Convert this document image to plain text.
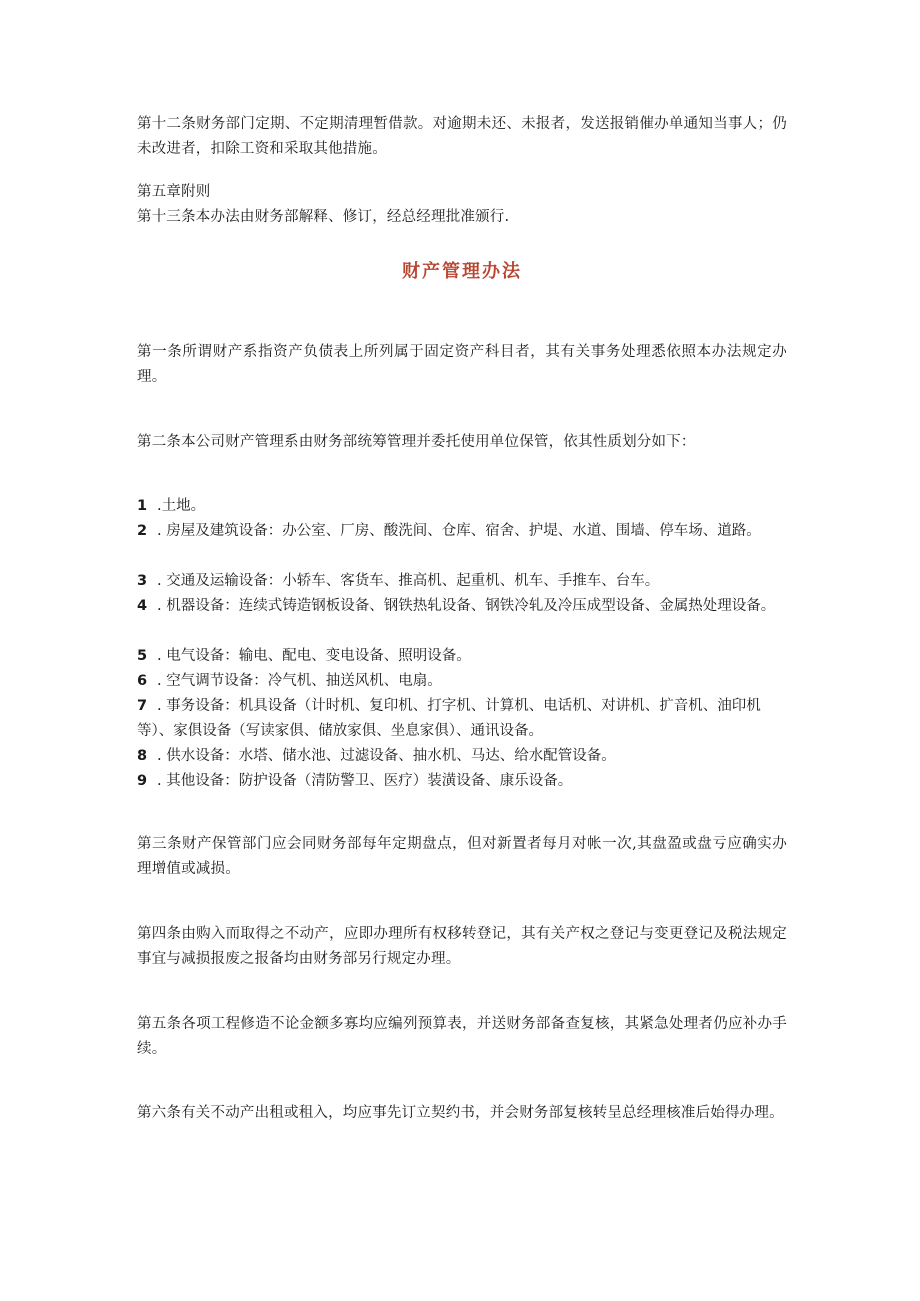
第十二条财务部门定期、不定期清理暂借款。对逾期未还、未报者，发送报销催办单通知当事人；仍未改进者，扣除工资和采取其他措施。

第五章附则

第十三条本办法由财务部解释、修订，经总经理批准颁行.

财产管理办法

第一条所谓财产系指资产负债表上所列属于固定资产科目者，其有关事务处理悉依照本办法规定办理。

第二条本公司财产管理系由财务部统筹管理并委托使用单位保管，依其性质划分如下：

1 .土地。

2 . 房屋及建筑设备：办公室、厂房、酸洗间、仓库、宿舍、护堤、水道、围墙、停车场、道路。

3 . 交通及运输设备：小轿车、客货车、推高机、起重机、机车、手推车、台车。

4 . 机器设备：连续式铸造钢板设备、钢铁热轧设备、钢铁冷轧及冷压成型设备、金属热处理设备。

5 . 电气设备：输电、配电、变电设备、照明设备。

6 . 空气调节设备：冷气机、抽送风机、电扇。

7 . 事务设备：机具设备（计时机、复印机、打字机、计算机、电话机、对讲机、扩音机、油印机等）、家俱设备（写读家俱、储放家俱、坐息家俱）、通讯设备。

8 . 供水设备：水塔、储水池、过滤设备、抽水机、马达、给水配管设备。

9 . 其他设备：防护设备（清防警卫、医疗）装潢设备、康乐设备。

第三条财产保管部门应会同财务部每年定期盘点，但对新置者每月对帐一次,其盘盈或盘亏应确实办理增值或减损。

第四条由购入而取得之不动产，应即办理所有权移转登记，其有关产权之登记与变更登记及税法规定事宜与减损报废之报备均由财务部另行规定办理。

第五条各项工程修造不论金额多寡均应编列预算表，并送财务部备查复核，其紧急处理者仍应补办手续。

第六条有关不动产出租或租入，均应事先订立契约书，并会财务部复核转呈总经理核准后始得办理。
